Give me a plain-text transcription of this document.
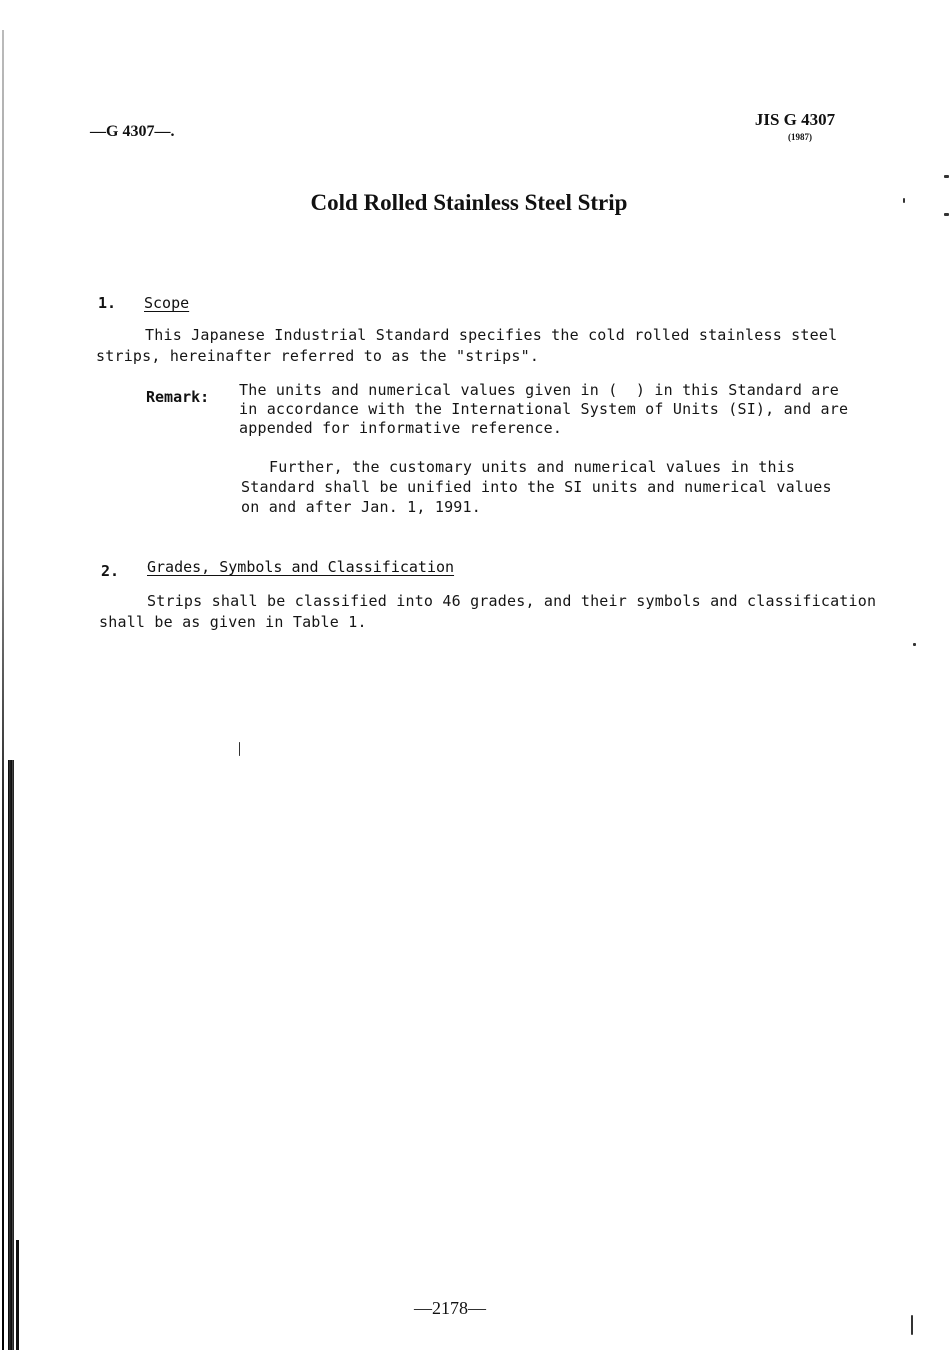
—G 4307—.
JIS G 4307
(1987)
Cold Rolled Stainless Steel Strip
1. Scope
This Japanese Industrial Standard specifies the cold rolled stainless steel
strips, hereinafter referred to as the "strips".
Remark: The units and numerical values given in (  ) in this Standard are
in accordance with the International System of Units (SI), and are
appended for informative reference.
Further, the customary units and numerical values in this
Standard shall be unified into the SI units and numerical values
on and after Jan. 1, 1991.
2. Grades, Symbols and Classification
Strips shall be classified into 46 grades, and their symbols and classification
shall be as given in Table 1.
—2178—
